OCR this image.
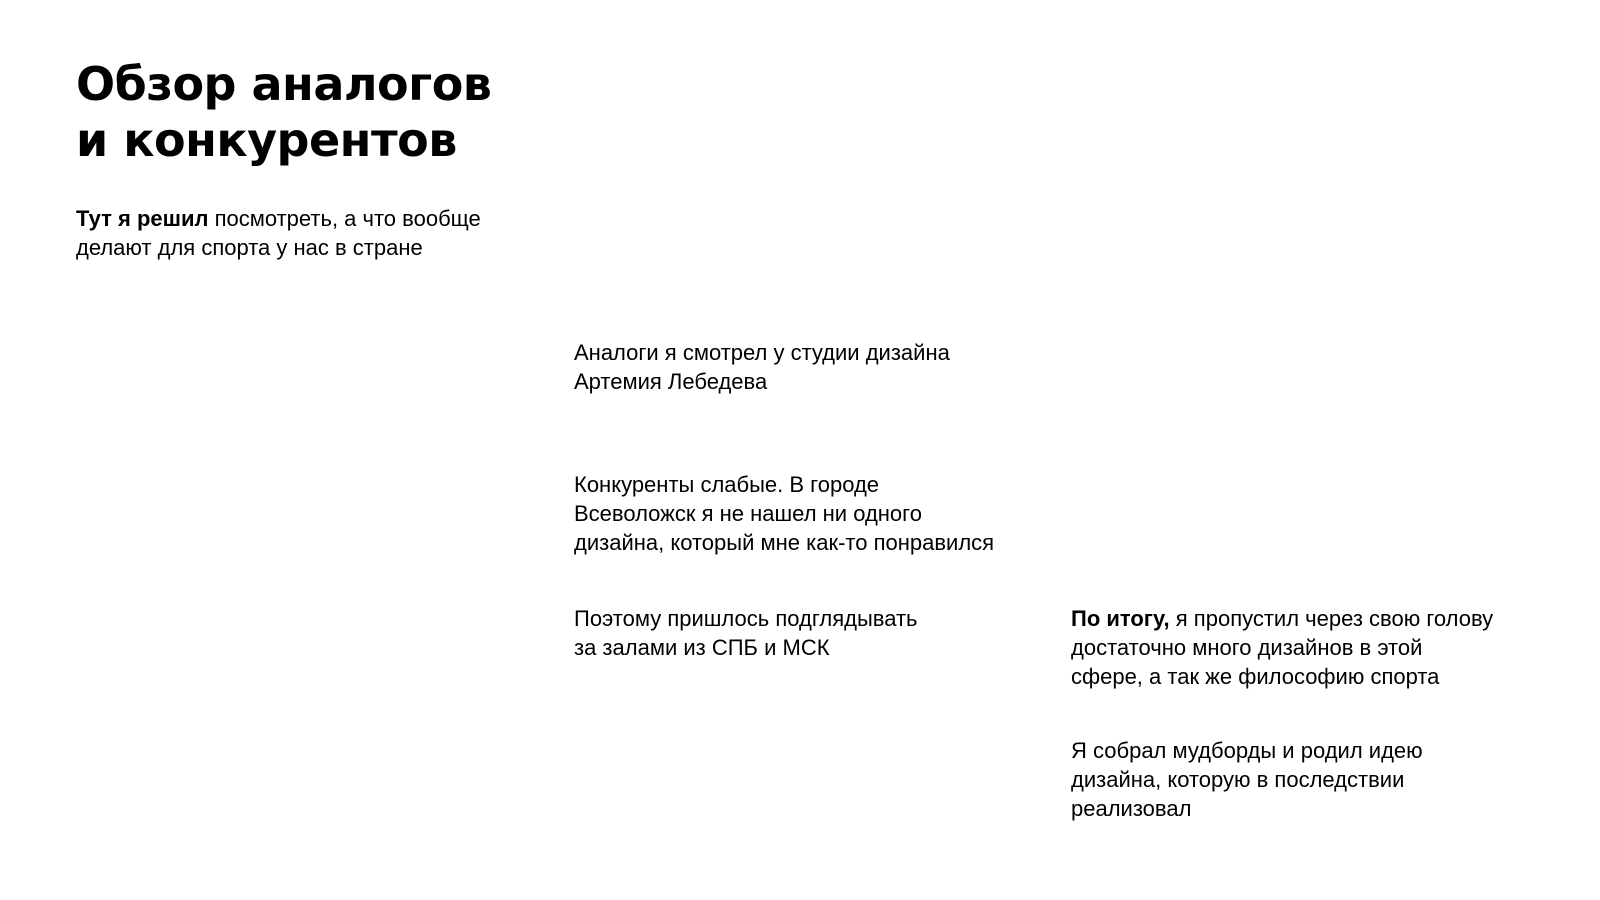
Обзор аналогов
и конкурентов

Тут я решил посмотреть, а что вообще
делают для спорта у нас в стране

Аналоги я смотрел у студии дизайна
Артемия Лебедева

Конкуренты слабые. В городе
Всеволожск я не нашел ни одного
дизайна, который мне как-то понравился

Поэтому пришлось подглядывать
за залами из СПБ и МСК

По итогу, я пропустил через свою голову
достаточно много дизайнов в этой
сфере, а так же философию спорта

Я собрал мудборды и родил идею
дизайна, которую в последствии
реализовал
